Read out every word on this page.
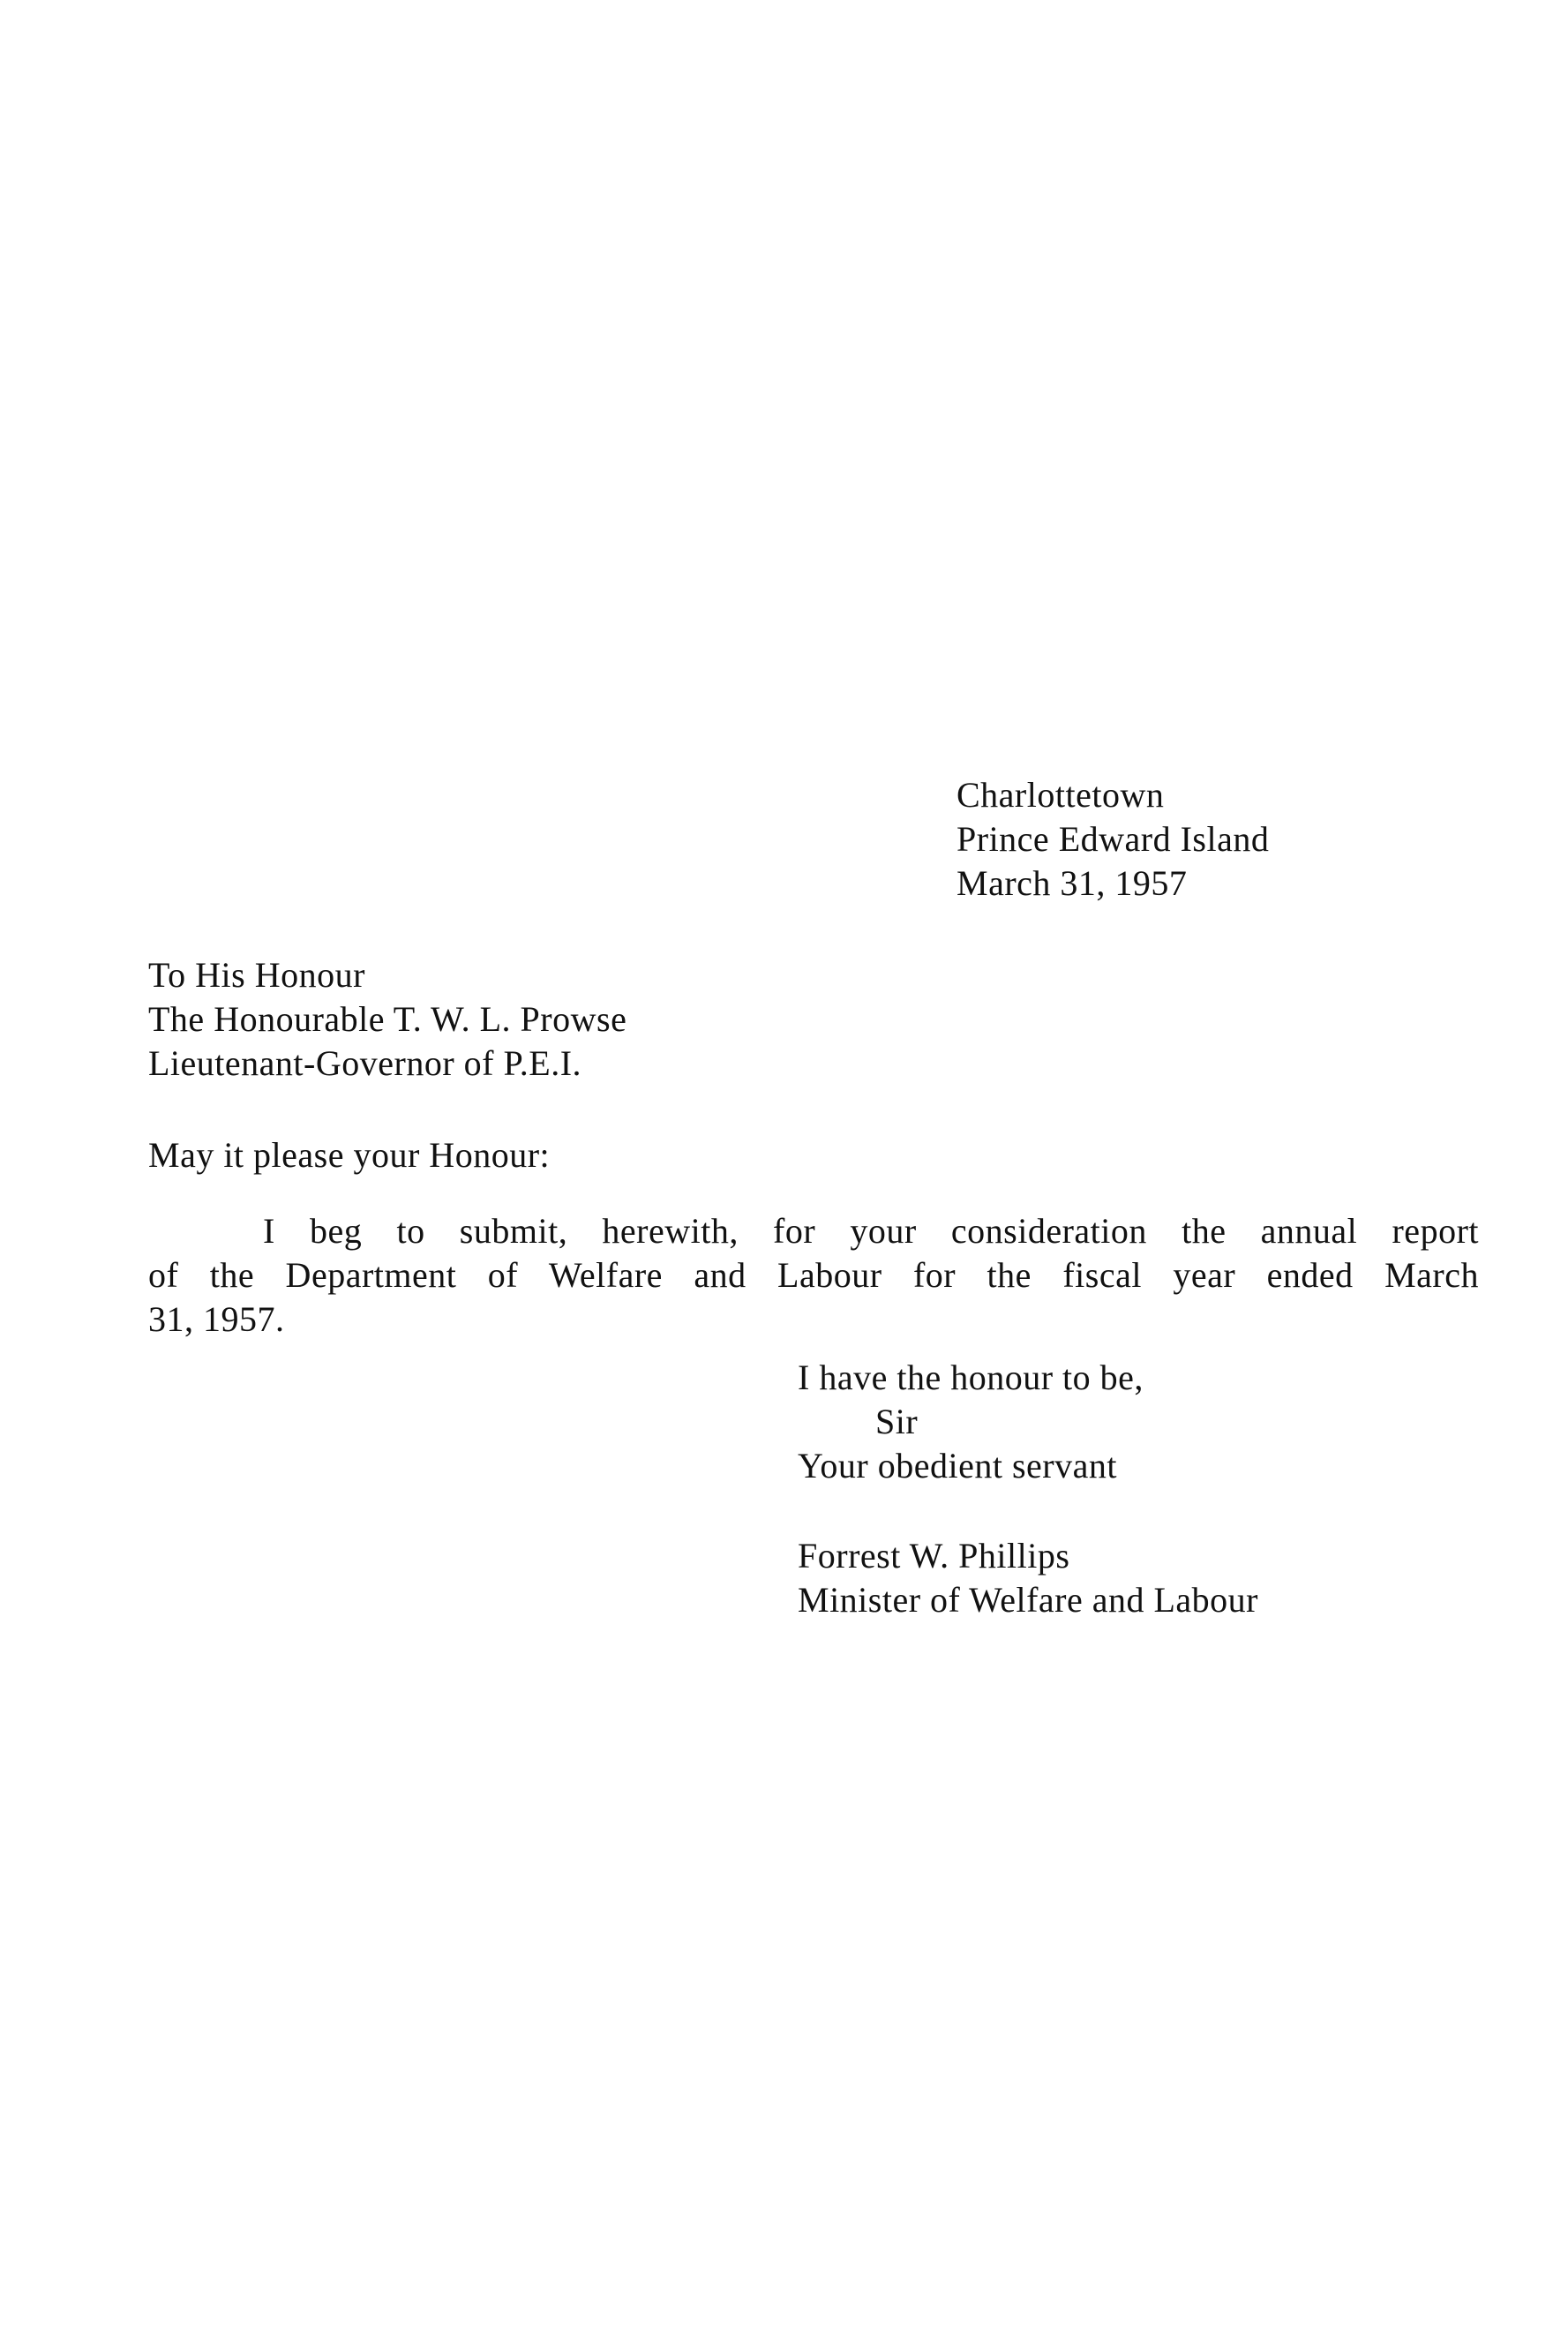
Charlottetown
Prince Edward Island
March 31, 1957
To His Honour
The Honourable T. W. L. Prowse
Lieutenant-Governor of P.E.I.
May it please your Honour:
I beg to submit, herewith, for your consideration the annual report
of the Department of Welfare and Labour for the fiscal year ended March
31, 1957.
I have the honour to be,
Sir
Your obedient servant
Forrest W. Phillips
Minister of Welfare and Labour
